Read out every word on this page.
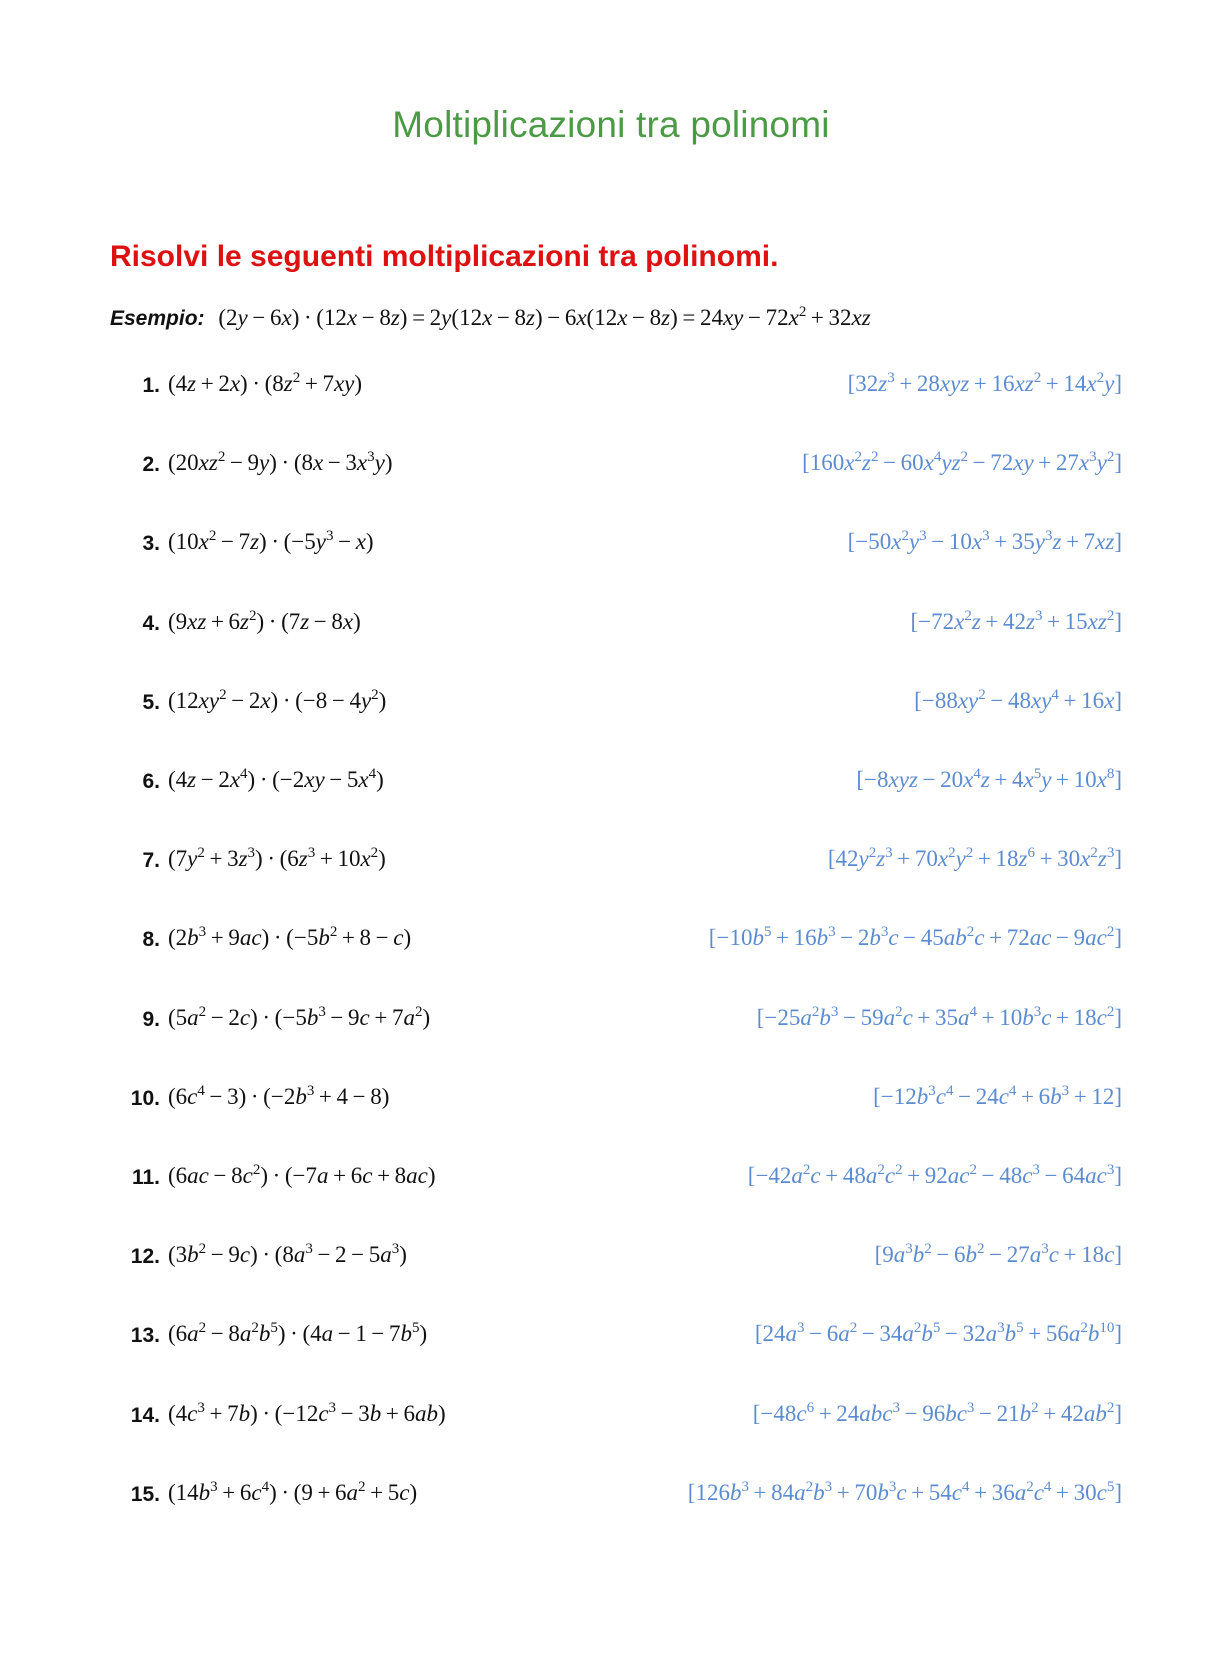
Moltiplicazioni tra polinomi
Risolvi le seguenti moltiplicazioni tra polinomi.
Esempio: $(2y - 6x) \cdot (12x - 8z) = 2y(12x - 8z) - 6x(12x - 8z) = 24xy - 72x^2 + 32xz$
1. $(4z + 2x) \cdot (8z^2 + 7xy)$	$[32z^3 + 28xyz + 16xz^2 + 14x^2y]$
2. $(20xz^2 - 9y) \cdot (8x - 3x^3y)$	$[160x^2z^2 - 60x^4yz^2 - 72xy + 27x^3y^2]$
3. $(10x^2 - 7z) \cdot (-5y^3 - x)$	$[-50x^2y^3 - 10x^3 + 35y^3z + 7xz]$
4. $(9xz + 6z^2) \cdot (7z - 8x)$	$[-72x^2z + 42z^3 + 15xz^2]$
5. $(12xy^2 - 2x) \cdot (-8 - 4y^2)$	$[-88xy^2 - 48xy^4 + 16x]$
6. $(4z - 2x^4) \cdot (-2xy - 5x^4)$	$[-8xyz - 20x^4z + 4x^5y + 10x^8]$
7. $(7y^2 + 3z^3) \cdot (6z^3 + 10x^2)$	$[42y^2z^3 + 70x^2y^2 + 18z^6 + 30x^2z^3]$
8. $(2b^3 + 9ac) \cdot (-5b^2 + 8 - c)$	$[-10b^5 + 16b^3 - 2b^3c - 45ab^2c + 72ac - 9ac^2]$
9. $(5a^2 - 2c) \cdot (-5b^3 - 9c + 7a^2)$	$[-25a^2b^3 - 59a^2c + 35a^4 + 10b^3c + 18c^2]$
10. $(6c^4 - 3) \cdot (-2b^3 + 4 - 8)$	$[-12b^3c^4 - 24c^4 + 6b^3 + 12]$
11. $(6ac - 8c^2) \cdot (-7a + 6c + 8ac)$	$[-42a^2c + 48a^2c^2 + 92ac^2 - 48c^3 - 64ac^3]$
12. $(3b^2 - 9c) \cdot (8a^3 - 2 - 5a^3)$	$[9a^3b^2 - 6b^2 - 27a^3c + 18c]$
13. $(6a^2 - 8a^2b^5) \cdot (4a - 1 - 7b^5)$	$[24a^3 - 6a^2 - 34a^2b^5 - 32a^3b^5 + 56a^2b^{10}]$
14. $(4c^3 + 7b) \cdot (-12c^3 - 3b + 6ab)$	$[-48c^6 + 24abc^3 - 96bc^3 - 21b^2 + 42ab^2]$
15. $(14b^3 + 6c^4) \cdot (9 + 6a^2 + 5c)$	$[126b^3 + 84a^2b^3 + 70b^3c + 54c^4 + 36a^2c^4 + 30c^5]$
